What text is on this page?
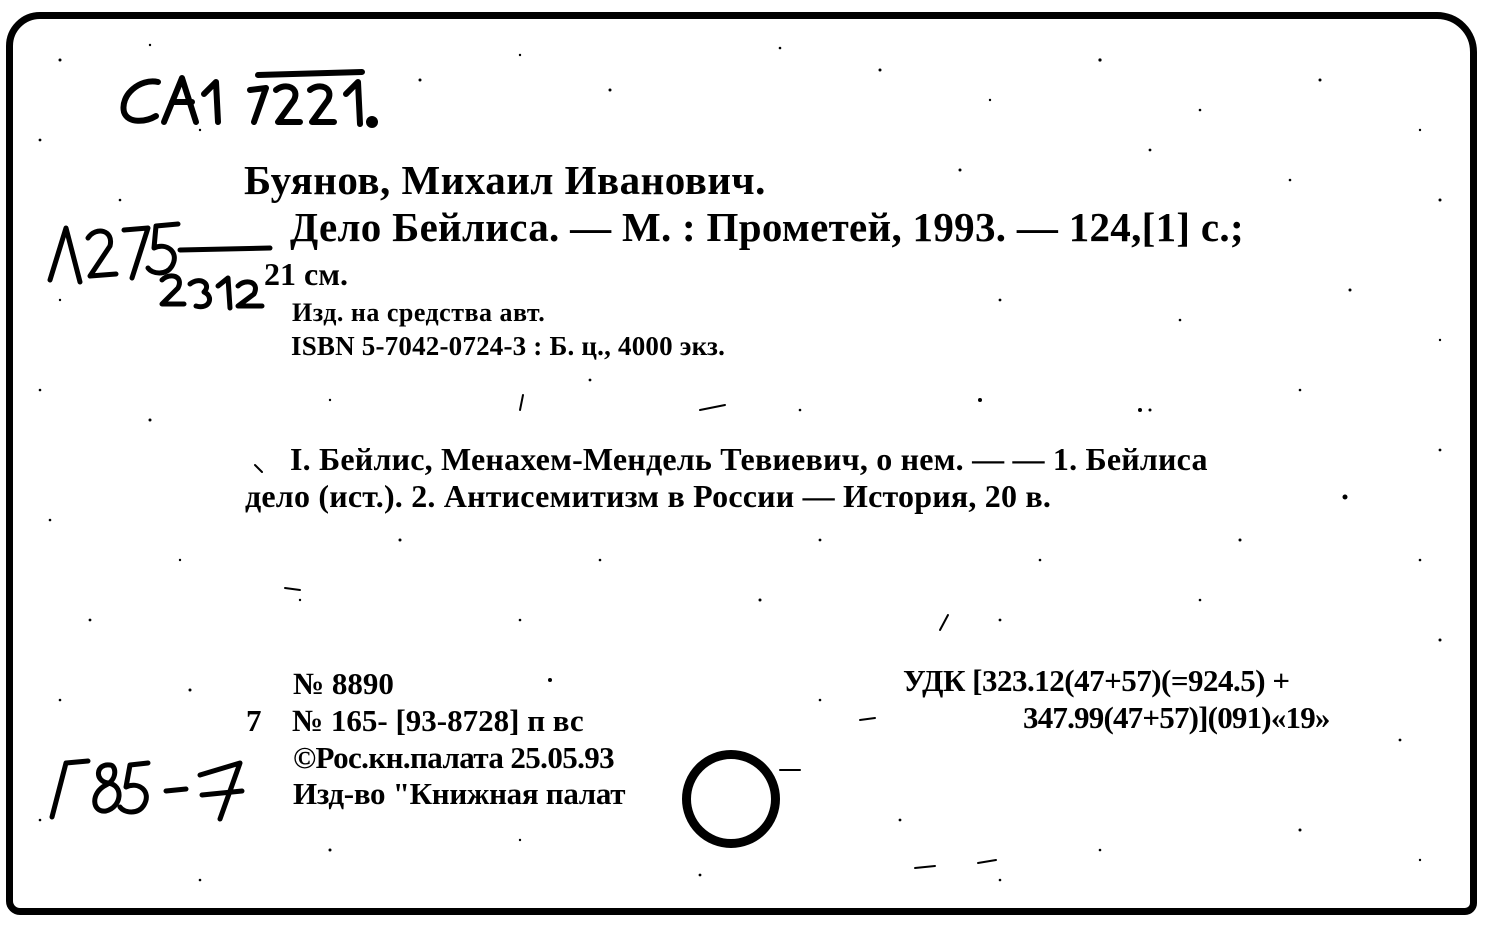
Буянов, Михаил Иванович.
Дело Бейлиса. — М. : Прометей, 1993. — 124,[1] с.;
21 см.
Изд. на средства авт.
ISBN 5-7042-0724-3 : Б. ц., 4000 экз.
I. Бейлис, Менахем-Мендель Тевиевич, о нем. — — 1. Бейлиса
дело (ист.). 2. Антисемитизм в России — История, 20 в.
№ 8890
7 № 165- [93-8728] п вс
©Рос.кн.палата 25.05.93
Изд-во "Книжная палат
УДК [323.12(47+57)(=924.5) +
347.99(47+57)](091)«19»
